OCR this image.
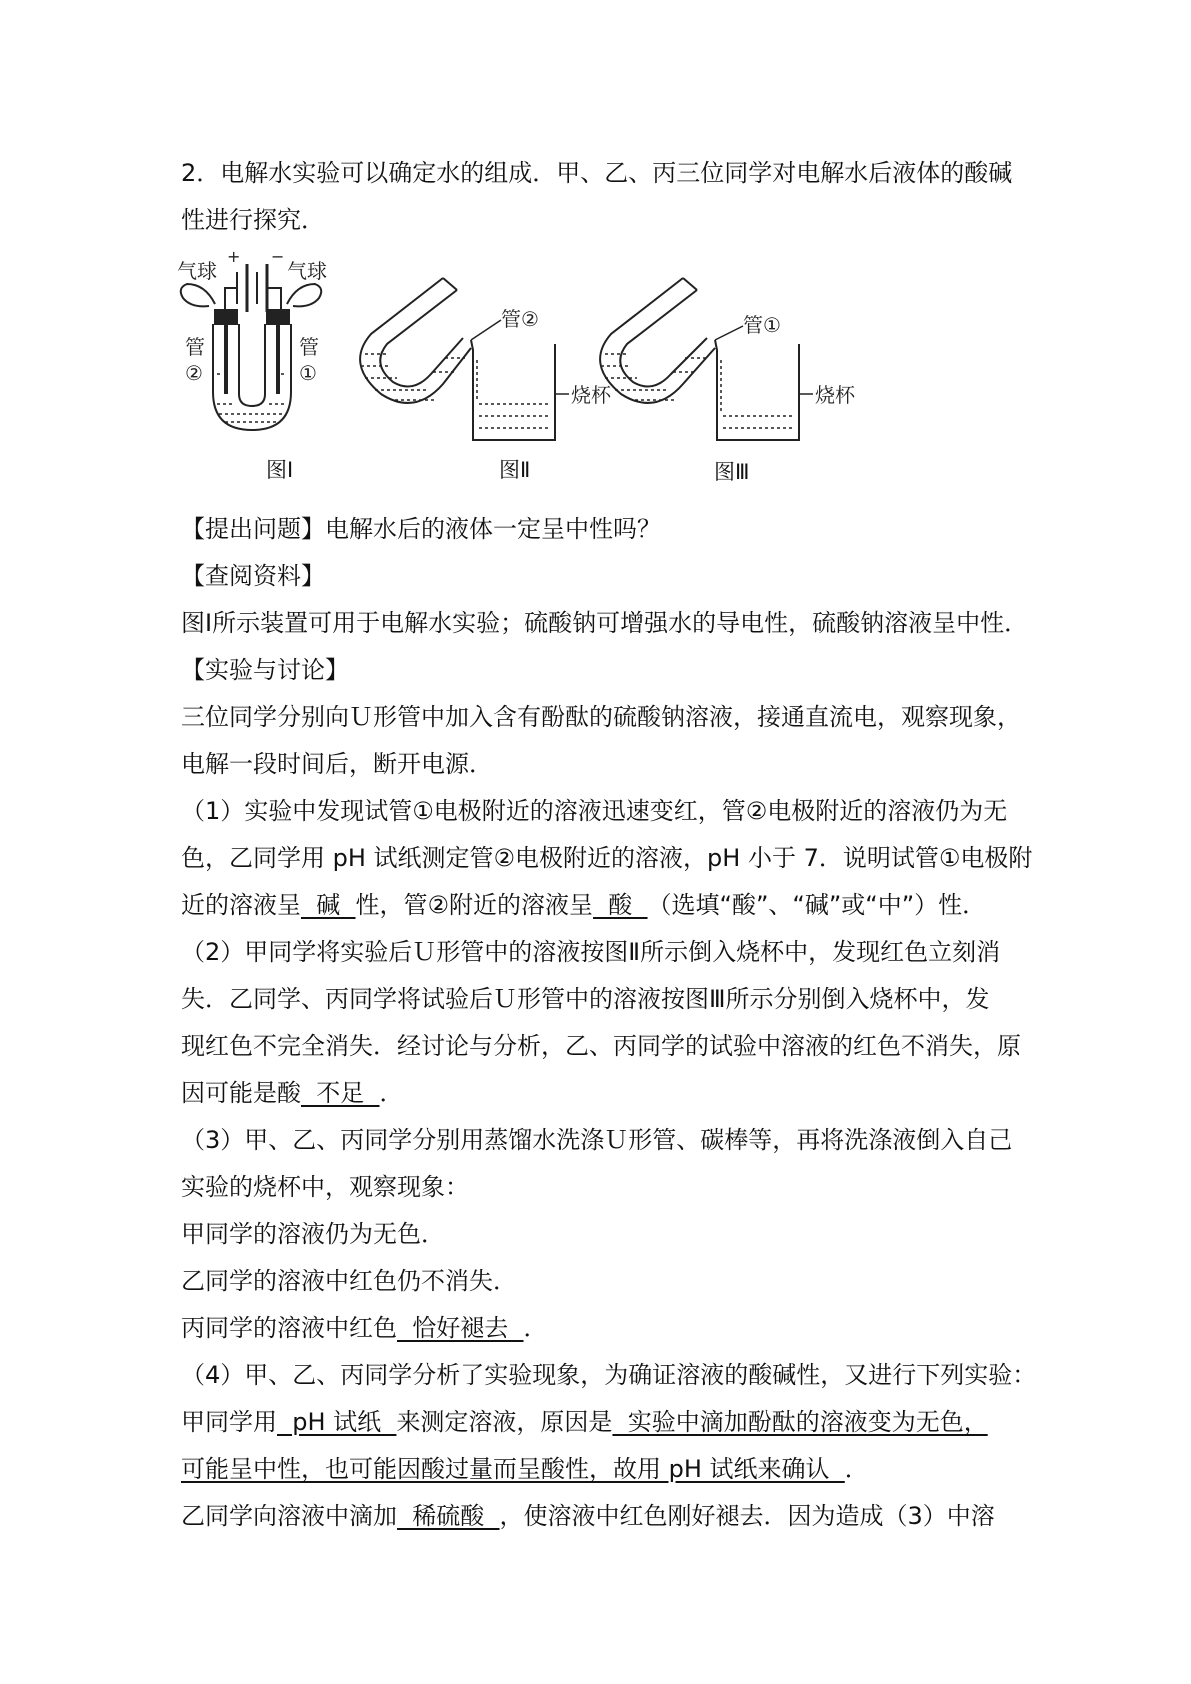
2．电解水实验可以确定水的组成．甲、乙、丙三位同学对电解水后液体的酸碱
性进行探究．
+ −
气球	气球
管
②
管
①
管②
烧杯
管①
烧杯
图Ⅰ	图Ⅱ	图Ⅲ
【提出问题】电解水后的液体一定呈中性吗？
【查阅资料】
图Ⅰ所示装置可用于电解水实验；硫酸钠可增强水的导电性，硫酸钠溶液呈中性．
【实验与讨论】
三位同学分别向Ｕ形管中加入含有酚酞的硫酸钠溶液，接通直流电，观察现象，
电解一段时间后，断开电源．
（1）实验中发现试管①电极附近的溶液迅速变红，管②电极附近的溶液仍为无
色，乙同学用 pH 试纸测定管②电极附近的溶液，pH 小于 7．说明试管①电极附
近的溶液呈  碱  性，管②附近的溶液呈  酸  （选填“酸”、“碱”或“中”）性．
（2）甲同学将实验后Ｕ形管中的溶液按图Ⅱ所示倒入烧杯中，发现红色立刻消
失．乙同学、丙同学将试验后Ｕ形管中的溶液按图Ⅲ所示分别倒入烧杯中，发
现红色不完全消失．经讨论与分析，乙、丙同学的试验中溶液的红色不消失，原
因可能是酸  不足  ．
（3）甲、乙、丙同学分别用蒸馏水洗涤Ｕ形管、碳棒等，再将洗涤液倒入自己
实验的烧杯中，观察现象：
甲同学的溶液仍为无色．
乙同学的溶液中红色仍不消失．
丙同学的溶液中红色  恰好褪去  ．
（4）甲、乙、丙同学分析了实验现象，为确证溶液的酸碱性，又进行下列实验：
甲同学用  pH 试纸  来测定溶液，原因是  实验中滴加酚酞的溶液变为无色，
可能呈中性，也可能因酸过量而呈酸性，故用 pH 试纸来确认  ．
乙同学向溶液中滴加  稀硫酸  ，使溶液中红色刚好褪去．因为造成（3）中溶
